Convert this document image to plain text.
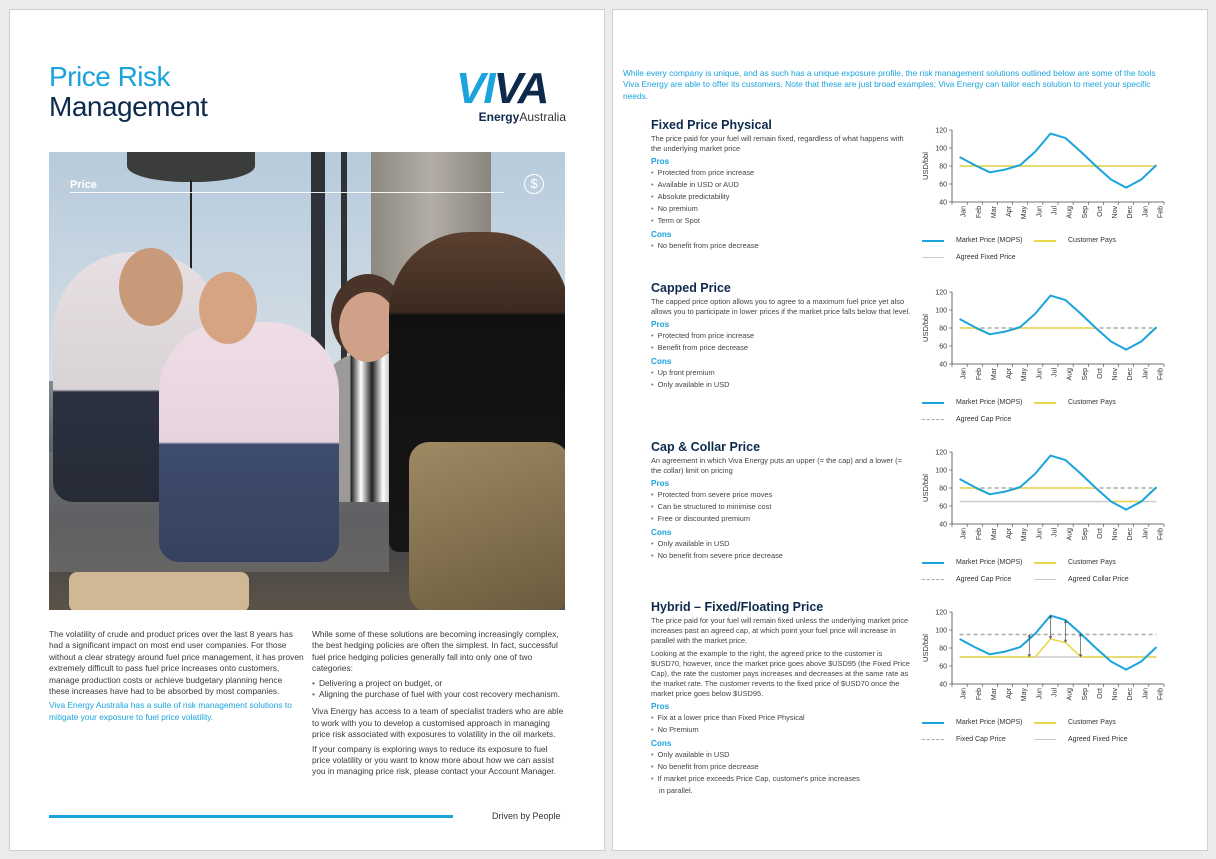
Price Risk
Management	VIVA
EnergyAustralia
Price	$

The volatility of crude and product prices over the last 8 years has had a significant impact on most end user companies. For those without a clear strategy around fuel price management, it has proven extremely difficult to pass fuel price increases onto customers, manage production costs or achieve budgetary planning hence these increases have had to be absorbed by most companies.

Viva Energy Australia has a suite of risk management solutions to mitigate your exposure to fuel price volatility.

While some of these solutions are becoming increasingly complex, the best hedging policies are often the simplest. In fact, successful fuel price hedging policies generally fall into only one of two categories:

• Delivering a project on budget, or
• Aligning the purchase of fuel with your cost recovery mechanism.

Viva Energy has access to a team of specialist traders who are able to work with you to develop a customised approach in managing price risk associated with exposures to volatility in the oil markets.

If your company is exploring ways to reduce its exposure to fuel price volatility or you want to know more about how we can assist you in managing price risk, please contact your Account Manager.

Driven by People
While every company is unique, and as such has a unique exposure profile, the risk management solutions outlined below are some of the tools Viva Energy are able to offer its customers. Note that these are just broad examples; Viva Energy can tailor each solution to meet your specific needs.
Fixed Price Physical
The price paid for your fuel will remain fixed, regardless of what happens with the underlying market price
Pros
• Protected from price increase
• Available in USD or AUD
• Absolute predictability
• No premium
• Term or Spot
Cons
• No benefit from price decrease
Capped Price
The capped price option allows you to agree to a maximum fuel price yet also allows you to participate in lower prices if the market price falls below that level.
Pros
• Protected from price increase
• Benefit from price decrease
Cons
• Up front premium
• Only available in USD
Cap & Collar Price
An agreement in which Viva Energy puts an upper (= the cap) and a lower (= the collar) limit on pricing
Pros
• Protected from severe price moves
• Can be structured to minimise cost
• Free or discounted premium
Cons
• Only available in USD
• No benefit from severe price decrease
Hybrid – Fixed/Floating Price
The price paid for your fuel will remain fixed unless the underlying market price increases past an agreed cap, at which point your fuel price will increase in parallel with the market price.
Looking at the example to the right, the agreed price to the customer is $USD70, however, once the market price goes above $USD95 (the Fixed Price Cap), the rate the customer pays increases and decreases at the same rate as the market rate. The customer reverts to the fixed price of $USD70 once the market price goes below $USD95.
Pros
• Fix at a lower price than Fixed Price Physical
• No Premium
Cons
• Only available in USD
• No benefit from price decrease
• If market price exceeds Price Cap, customer's price increases
in parallel.
40
60
80
100
120
USD/bbl
Jan Feb Mar Apr May Jun Jul Aug Sep Oct Nov Dec Jan Feb
Market Price (MOPS)	Customer Pays
Agreed Fixed Price
40
60
80
100
120
USD/bbl
Jan Feb Mar Apr May Jun Jul Aug Sep Oct Nov Dec Jan Feb
Market Price (MOPS)	Customer Pays
Agreed Cap Price
40
60
80
100
120
USD/bbl
Jan Feb Mar Apr May Jun Jul Aug Sep Oct Nov Dec Jan Feb
Market Price (MOPS)	Customer Pays
Agreed Cap Price	Agreed Collar Price
40
60
80
100
120
USD/bbl
Jan Feb Mar Apr May Jun Jul Aug Sep Oct Nov Dec Jan Feb
Market Price (MOPS)	Customer Pays
Fixed Cap Price	Agreed Fixed Price
